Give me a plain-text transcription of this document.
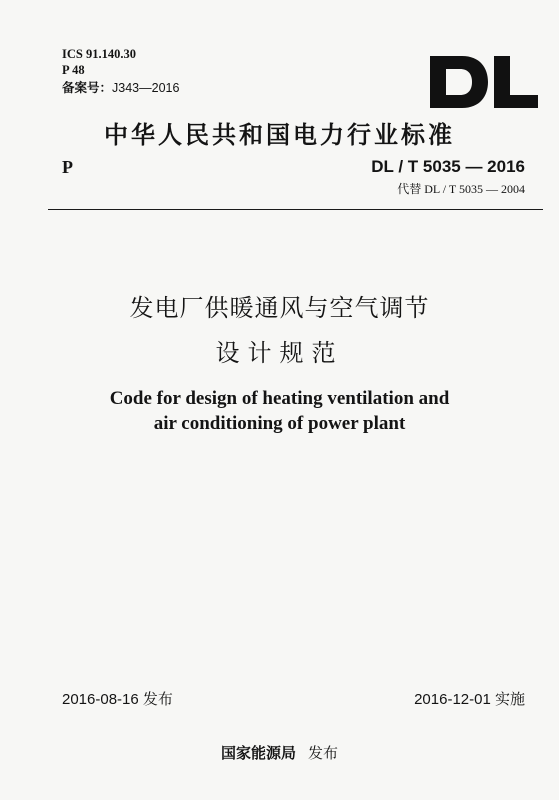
ICS 91.140.30
P 48
备案号：J343—2016
中华人民共和国电力行业标准
P	DL / T 5035 — 2016
代替 DL / T 5035 — 2004
发电厂供暖通风与空气调节
设计规范
Code for design of heating ventilation and
air conditioning of power plant
2016-08-16 发布	2016-12-01 实施
国家能源局 发布
